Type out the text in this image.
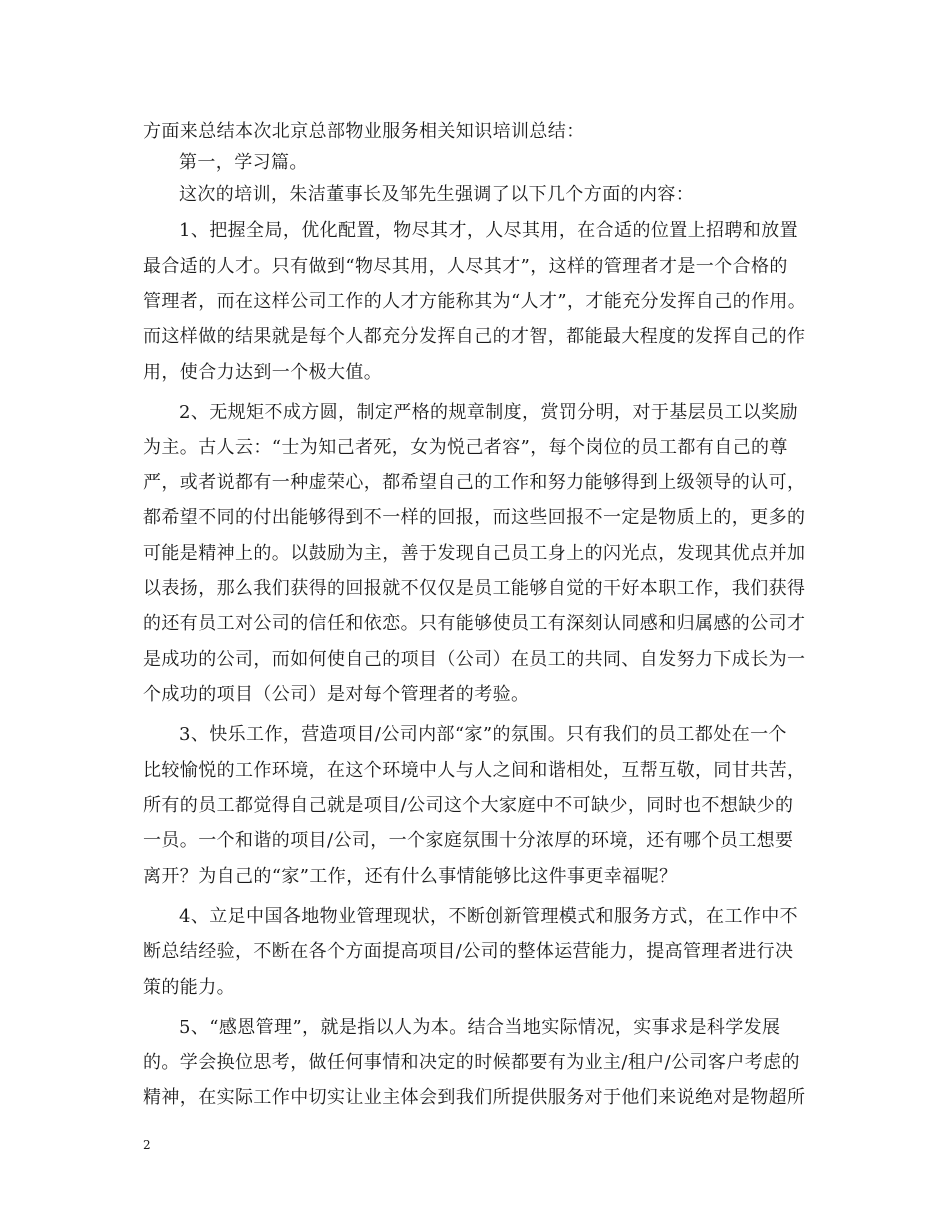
方面来总结本次北京总部物业服务相关知识培训总结：
第一，学习篇。
这次的培训，朱洁董事长及邹先生强调了以下几个方面的内容：
1、把握全局，优化配置，物尽其才，人尽其用，在合适的位置上招聘和放置
最合适的人才。只有做到“物尽其用，人尽其才”，这样的管理者才是一个合格的
管理者，而在这样公司工作的人才方能称其为“人才”，才能充分发挥自己的作用。
而这样做的结果就是每个人都充分发挥自己的才智，都能最大程度的发挥自己的作
用，使合力达到一个极大值。
2、无规矩不成方圆，制定严格的规章制度，赏罚分明，对于基层员工以奖励
为主。古人云：“士为知己者死，女为悦己者容”，每个岗位的员工都有自己的尊
严，或者说都有一种虚荣心，都希望自己的工作和努力能够得到上级领导的认可，
都希望不同的付出能够得到不一样的回报，而这些回报不一定是物质上的，更多的
可能是精神上的。以鼓励为主，善于发现自己员工身上的闪光点，发现其优点并加
以表扬，那么我们获得的回报就不仅仅是员工能够自觉的干好本职工作，我们获得
的还有员工对公司的信任和依恋。只有能够使员工有深刻认同感和归属感的公司才
是成功的公司，而如何使自己的项目（公司）在员工的共同、自发努力下成长为一
个成功的项目（公司）是对每个管理者的考验。
3、快乐工作，营造项目/公司内部“家”的氛围。只有我们的员工都处在一个
比较愉悦的工作环境，在这个环境中人与人之间和谐相处，互帮互敬，同甘共苦，
所有的员工都觉得自己就是项目/公司这个大家庭中不可缺少，同时也不想缺少的
一员。一个和谐的项目/公司，一个家庭氛围十分浓厚的环境，还有哪个员工想要
离开？为自己的“家”工作，还有什么事情能够比这件事更幸福呢？
4、立足中国各地物业管理现状，不断创新管理模式和服务方式，在工作中不
断总结经验，不断在各个方面提高项目/公司的整体运营能力，提高管理者进行决
策的能力。
5、“感恩管理”，就是指以人为本。结合当地实际情况，实事求是科学发展
的。学会换位思考，做任何事情和决定的时候都要有为业主/租户/公司客户考虑的
精神，在实际工作中切实让业主体会到我们所提供服务对于他们来说绝对是物超所
2
